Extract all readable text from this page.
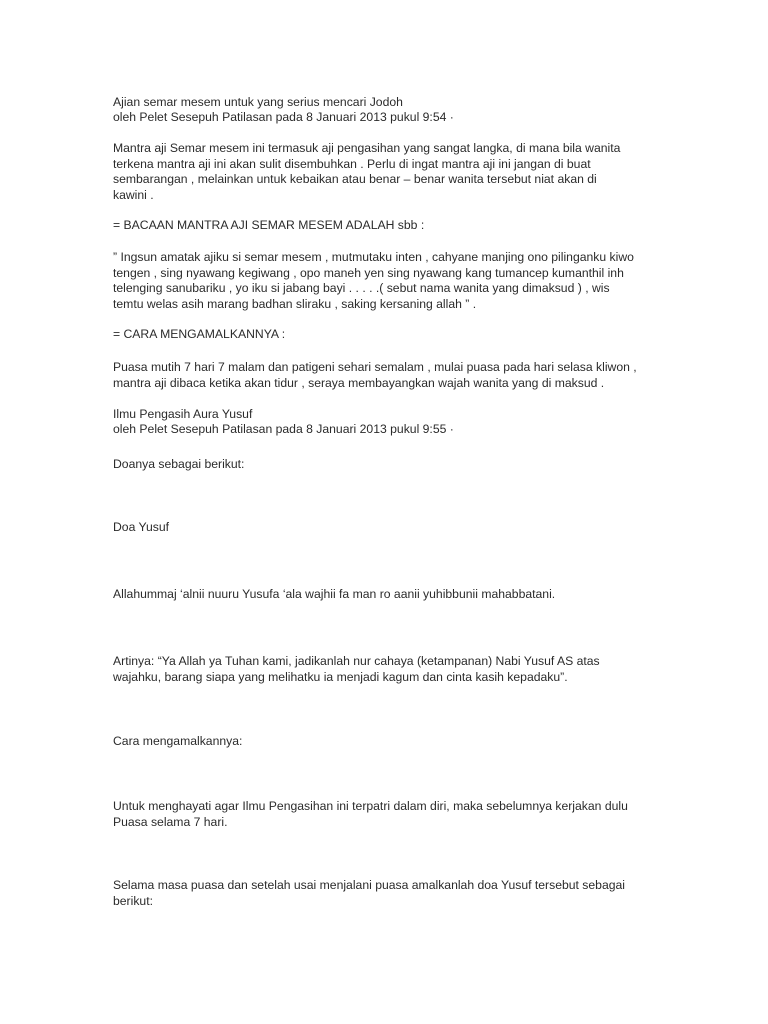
Ajian semar mesem untuk yang serius mencari Jodoh
oleh Pelet Sesepuh Patilasan pada 8 Januari 2013 pukul 9:54 ·
Mantra aji Semar mesem ini termasuk aji pengasihan yang sangat langka, di mana bila wanita
terkena mantra aji ini akan sulit disembuhkan . Perlu di ingat mantra aji ini jangan di buat
sembarangan , melainkan untuk kebaikan atau benar – benar wanita tersebut niat akan di
kawini .
= BACAAN MANTRA AJI SEMAR MESEM ADALAH sbb :
” Ingsun amatak ajiku si semar mesem , mutmutaku inten , cahyane manjing ono pilinganku kiwo
tengen , sing nyawang kegiwang , opo maneh yen sing nyawang kang tumancep kumanthil inh
telenging sanubariku , yo iku si jabang bayi . . . . .( sebut nama wanita yang dimaksud ) , wis
temtu welas asih marang badhan sliraku , saking kersaning allah ” .
= CARA MENGAMALKANNYA :
Puasa mutih 7 hari 7 malam dan patigeni sehari semalam , mulai puasa pada hari selasa kliwon ,
mantra aji dibaca ketika akan tidur , seraya membayangkan wajah wanita yang di maksud .
Ilmu Pengasih Aura Yusuf
oleh Pelet Sesepuh Patilasan pada 8 Januari 2013 pukul 9:55 ·
Doanya sebagai berikut:
Doa Yusuf
Allahummaj ‘alnii nuuru Yusufa ‘ala wajhii fa man ro aanii yuhibbunii mahabbatani.
Artinya: “Ya Allah ya Tuhan kami, jadikanlah nur cahaya (ketampanan) Nabi Yusuf AS atas
wajahku, barang siapa yang melihatku ia menjadi kagum dan cinta kasih kepadaku”.
Cara mengamalkannya:
Untuk menghayati agar Ilmu Pengasihan ini terpatri dalam diri, maka sebelumnya kerjakan dulu
Puasa selama 7 hari.
Selama masa puasa dan setelah usai menjalani puasa amalkanlah doa Yusuf tersebut sebagai
berikut:
